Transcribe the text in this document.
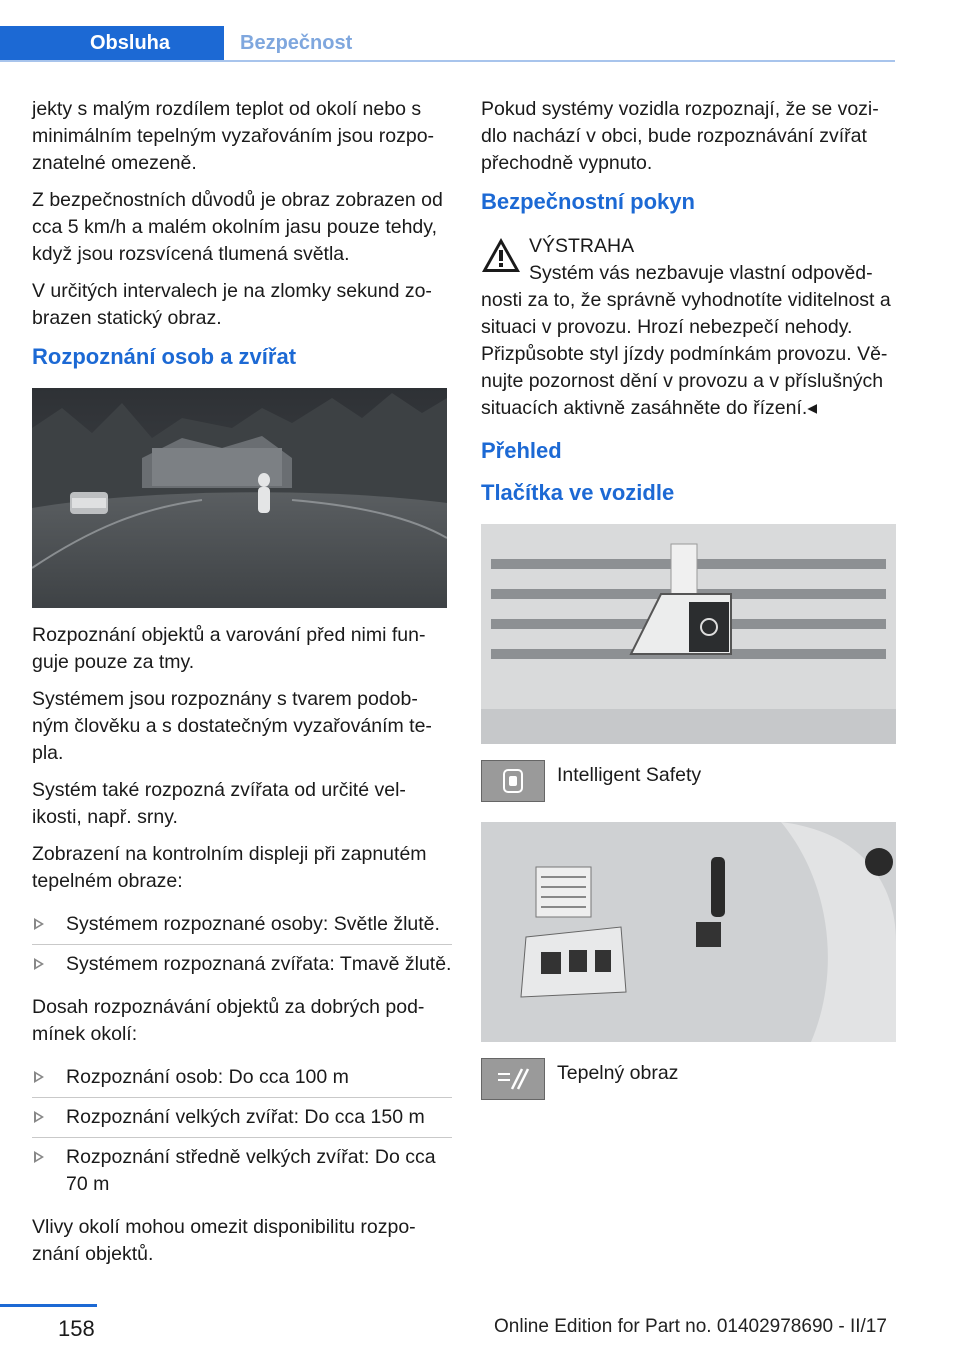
Obsluha	Bezpečnost

jekty s malým rozdílem teplot od okolí nebo s minimálním tepelným vyzařováním jsou rozpo‐znatelné omezeně.

Z bezpečnostních důvodů je obraz zobrazen od cca 5 km/h a malém okolním jasu pouze tehdy, když jsou rozsvícená tlumená světla.

V určitých intervalech je na zlomky sekund zo‐brazen statický obraz.

Rozpoznání osob a zvířat

Rozpoznání objektů a varování před nimi fun‐guje pouze za tmy.

Systémem jsou rozpoznány s tvarem podob‐ným člověku a s dostatečným vyzařováním te‐pla.

Systém také rozpozná zvířata od určité vel‐ikosti, např. srny.

Zobrazení na kontrolním displeji při zapnutém tepelném obraze:

Systémem rozpoznané osoby: Světle žlutě.
Systémem rozpoznaná zvířata: Tmavě žlutě.

Dosah rozpoznávání objektů za dobrých pod‐mínek okolí:

Rozpoznání osob: Do cca 100 m
Rozpoznání velkých zvířat: Do cca 150 m
Rozpoznání středně velkých zvířat: Do cca 70 m

Vlivy okolí mohou omezit disponibilitu rozpo‐znání objektů.

Pokud systémy vozidla rozpoznají, že se vozi‐dlo nachází v obci, bude rozpoznávání zvířat přechodně vypnuto.

Bezpečnostní pokyn

VÝSTRAHA

Systém vás nezbavuje vlastní odpověd‐

nosti za to, že správně vyhodnotíte viditelnost a situaci v provozu. Hrozí nebezpečí nehody. Přizpůsobte styl jízdy podmínkám provozu. Vě‐nujte pozornost dění v provozu a v příslušných situacích aktivně zasáhněte do řízení.◂

Přehled
Tlačítka ve vozidle
Intelligent Safety
Tepelný obraz
158	Online Edition for Part no. 01402978690 - II/17
